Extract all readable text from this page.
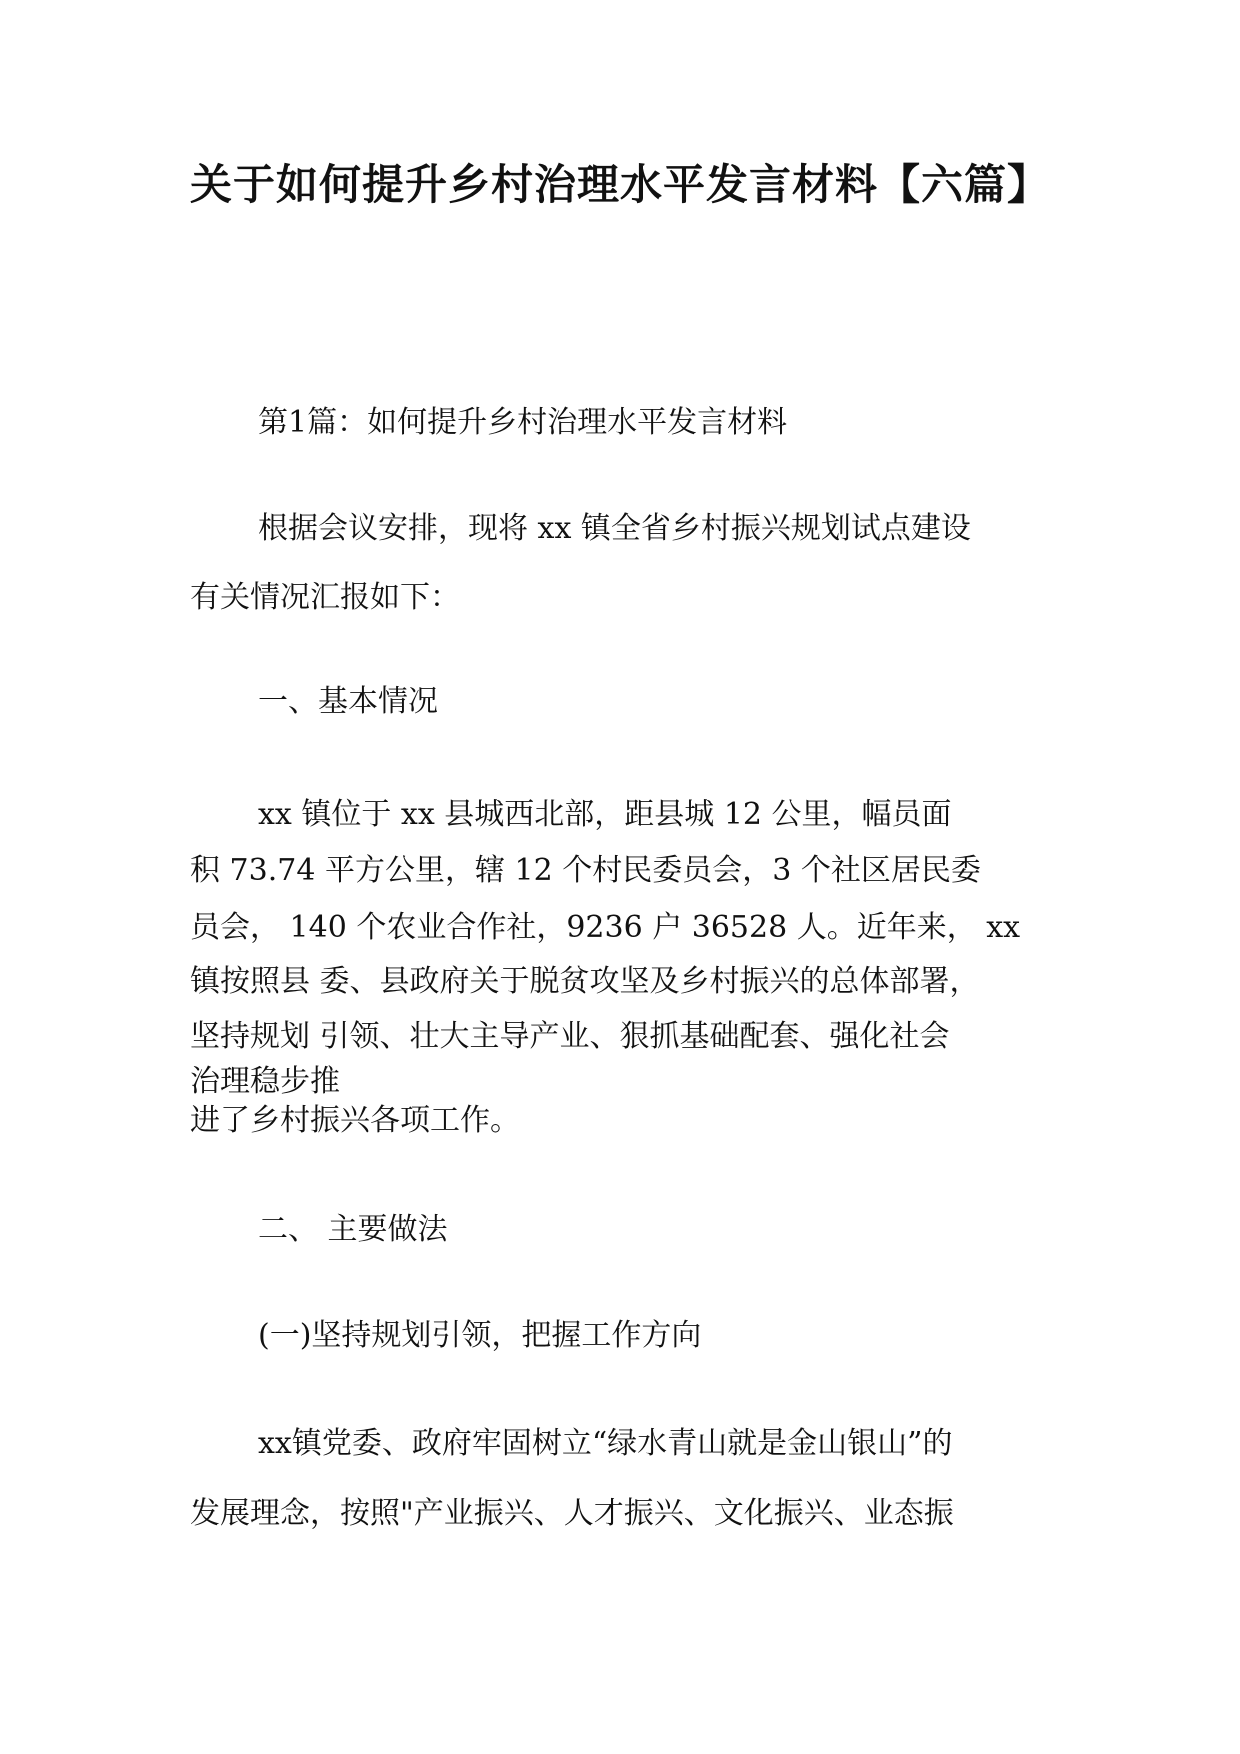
关于如何提升乡村治理水平发言材料【六篇】

第1篇：如何提升乡村治理水平发言材料

根据会议安排，现将 xx 镇全省乡村振兴规划试点建设

有关情况汇报如下：

一、基本情况

xx 镇位于 xx 县城西北部，距县城 12 公里，幅员面

积 73.74 平方公里，辖 12 个村民委员会，3 个社区居民委

员会， 140 个农业合作社，9236 户 36528 人。近年来， xx

镇按照县 委、县政府关于脱贫攻坚及乡村振兴的总体部署，

坚持规划 引领、壮大主导产业、狠抓基础配套、强化社会

治理稳步推

进了乡村振兴各项工作。

二、 主要做法

(一)坚持规划引领，把握工作方向

xx镇党委、政府牢固树立“绿水青山就是金山银山”的

发展理念，按照"产业振兴、人才振兴、文化振兴、业态振
